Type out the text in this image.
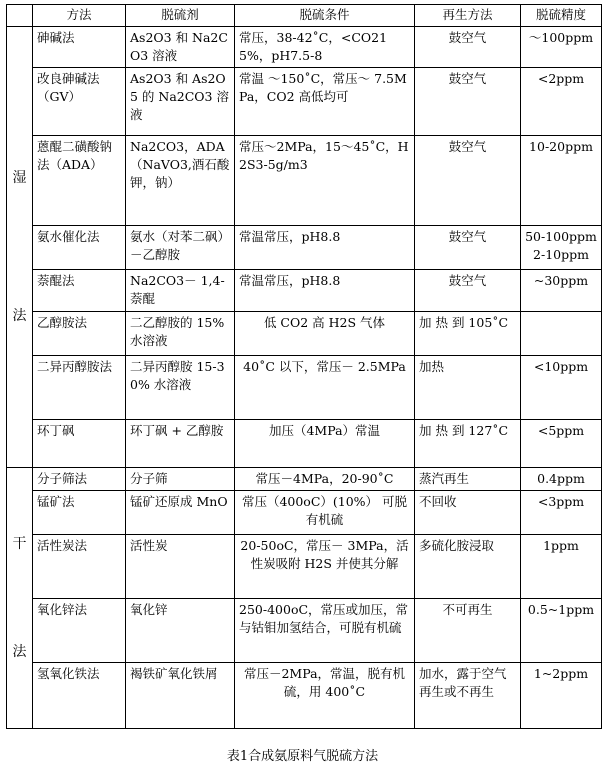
	方法	脱硫剂	脱硫条件	再生方法	脱硫精度

湿
法	砷碱法	As2O3 和 Na2CO3 溶液	常压，38-42˚C，<CO215%，pH7.5-8	鼓空气	～100ppm
	改良砷碱法（GV）	As2O3 和 As2O5 的 Na2CO3 溶液	常温 ～150˚C，常压～ 7.5MPa，CO2 高低均可	鼓空气	<2ppm
	蒽醌二磺酸钠法（ADA）	Na2CO3，ADA（NaVO3,酒石酸钾，钠）	常压～2MPa，15～45˚C，H2S3-5g/m3	鼓空气	10-20ppm
	氨水催化法	氨水（对苯二砜）－乙醇胺	常温常压，pH8.8	鼓空气	50-100ppm 2-10ppm
	萘醌法	Na2CO3－ 1,4-萘醌	常温常压，pH8.8	鼓空气	~30ppm
	乙醇胺法	二乙醇胺的 15%水溶液	低 CO2 高 H2S 气体	加 热 到 105˚C	
	二异丙醇胺法	二异丙醇胺 15-30% 水溶液	40˚C 以下，常压－ 2.5MPa	加热	<10ppm
	环丁砜	环丁砜 + 乙醇胺	加压（4MPa）常温	加 热 到 127˚C	<5ppm

干
法	分子筛法	分子筛	常压－4MPa，20-90˚C	蒸汽再生	0.4ppm
	锰矿法	锰矿还原成 MnO	常压（400oC）(10%） 可脱有机硫	不回收	<3ppm
	活性炭法	活性炭	20-50oC，常压－ 3MPa，活性炭吸附 H2S 并使其分解	多硫化胺浸取	1ppm
	氧化锌法	氧化锌	250-400oC，常压或加压，常与钴钼加氢结合，可脱有机硫	不可再生	0.5~1ppm
	氢氧化铁法	褐铁矿氧化铁屑	常压－2MPa，常温，脱有机硫，用 400˚C	加水，露于空气再生或不再生	1~2ppm
表1合成氨原料气脱硫方法
